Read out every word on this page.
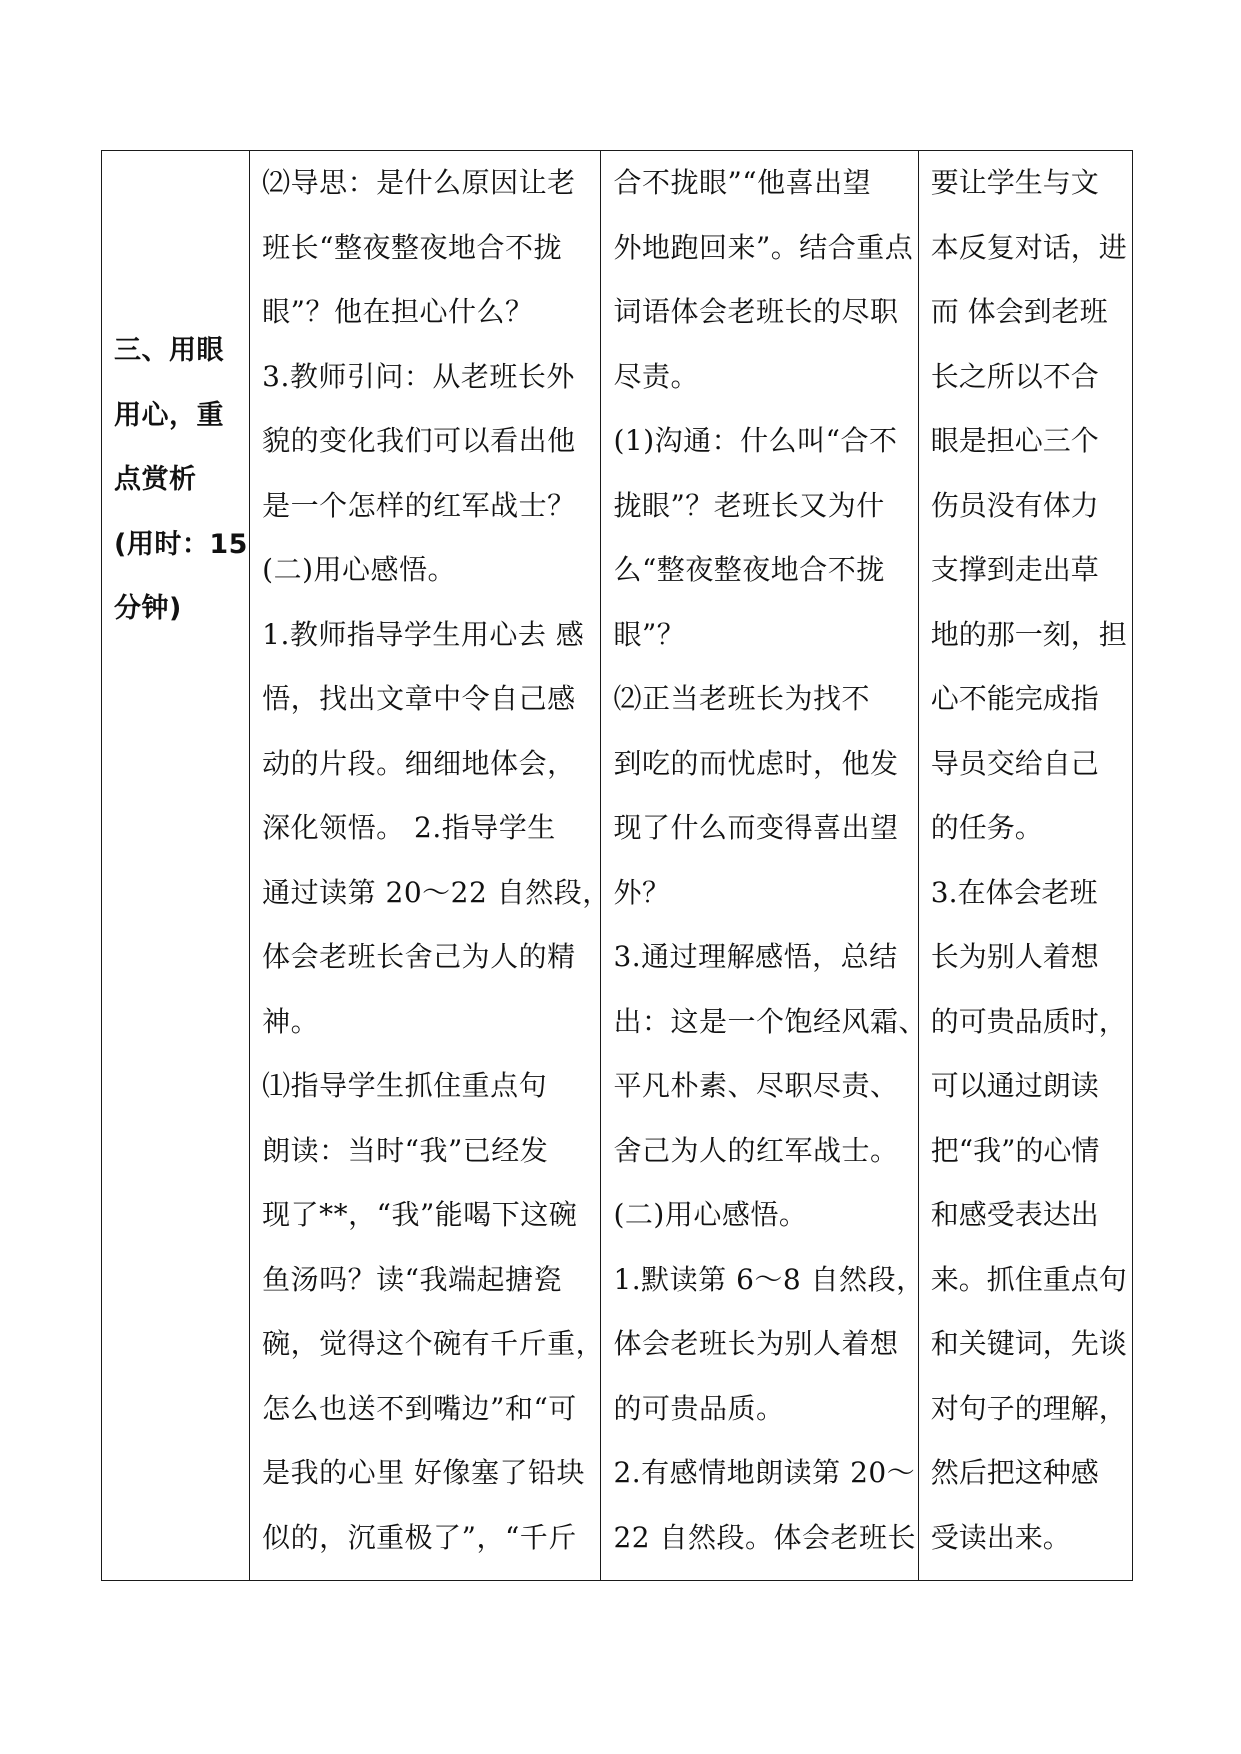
三、用眼
用心，重
点赏析
(用时：15
分钟)

⑵导思：是什么原因让老
班长“整夜整夜地合不拢
眼”？他在担心什么？
3.教师引问：从老班长外
貌的变化我们可以看出他
是一个怎样的红军战士？
(二)用心感悟。
1.教师指导学生用心去 感
悟，找出文章中令自己感
动的片段。细细地体会，
深化领悟。 2.指导学生
通过读第 20～22 自然段，
体会老班长舍己为人的精
神。
⑴指导学生抓住重点句
朗读：当时“我”已经发
现了**，“我”能喝下这碗
鱼汤吗？读“我端起搪瓷
碗，觉得这个碗有千斤重，
怎么也送不到嘴边”和“可
是我的心里 好像塞了铅块
似的，沉重极了”，“千斤

合不拢眼”“他喜出望
外地跑回来”。结合重点
词语体会老班长的尽职
尽责。
(1)沟通：什么叫“合不
拢眼”？老班长又为什
么“整夜整夜地合不拢
眼”？
⑵正当老班长为找不
到吃的而忧虑时，他发
现了什么而变得喜出望
外？
3.通过理解感悟，总结
出：这是一个饱经风霜、
平凡朴素、尽职尽责、
舍己为人的红军战士。
(二)用心感悟。
1.默读第 6～8 自然段，
体会老班长为别人着想
的可贵品质。
2.有感情地朗读第 20～
22 自然段。体会老班长

要让学生与文
本反复对话，进
而 体会到老班
长之所以不合
眼是担心三个
伤员没有体力
支撑到走出草
地的那一刻，担
心不能完成指
导员交给自己
的任务。
3.在体会老班
长为别人着想
的可贵品质时，
可以通过朗读
把“我”的心情
和感受表达出
来。抓住重点句
和关键词，先谈
对句子的理解，
然后把这种感
受读出来。
